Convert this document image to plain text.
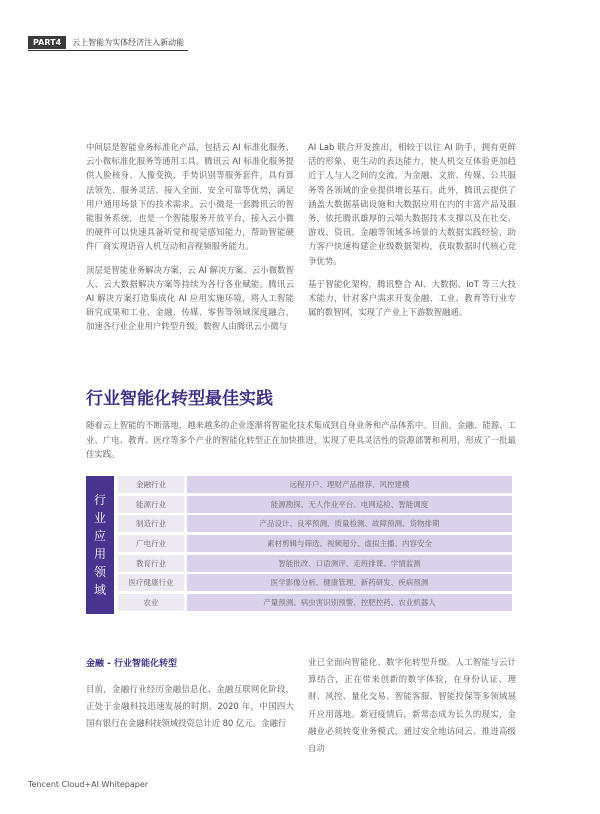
PART4	云上智能为实体经济注入新动能

中间层是智能业务标准化产品，包括云 AI 标准化服务、云小微标准化服务等通用工具。腾讯云 AI 标准化服务提供人脸核身、人像变换、手势识别等服务套件，具有算法领先、服务灵活、接入全面、安全可靠等优势，满足用户通用场景下的技术需求。云小微是一套腾讯云的智能服务系统，也是一个智能服务开放平台，接入云小微的硬件可以快速具备听觉和视觉感知能力，帮助智能硬件厂商实现语音人机互动和音视频服务能力。

顶层是智能业务解决方案，云 AI 解决方案、云小微数智人、云大数据解决方案等持续为各行各业赋能。腾讯云 AI 解决方案打造集成化 AI 应用实施环境，将人工智能研究成果和工业、金融、传媒、零售等领域深度融合，加速各行业企业用户转型升级。数智人由腾讯云小微与

AI Lab 联合开发推出，相较于以往 AI 助手，拥有更鲜活的形象、更生动的表达能力，使人机交互体验更加趋近于人与人之间的交流，为金融、文旅、传媒、公共服务等各领域的企业提供增长基石。此外，腾讯云提供了涵盖大数据基础设施和大数据应用在内的丰富产品及服务，依托腾讯雄厚的云端大数据技术支撑以及在社交、游戏、资讯、金融等领域多场景的大数据实践经验，助力客户快速构建企业级数据架构，获取数据时代核心竞争优势。

基于智能化架构，腾讯整合 AI、大数据、IoT 等三大技术能力，针对客户需求开发金融、工业、教育等行业专属的数智网，实现了产业上下游数智融通。

行业智能化转型最佳实践
随着云上智能的不断落地，越来越多的企业逐渐将智能化技术集成到自身业务和产品体系中。目前，金融、能源、工业、广电、教育、医疗等多个产业的智能化转型正在加快推进，实现了更具灵活性的资源部署和利用，形成了一批最佳实践。
行
业
应
用
领
域
金融行业	远程开户、理财产品推荐、风控建模
能源行业	能源勘探、无人作业平台、电网巡检、智能调度
制造行业	产品设计、良率预测、质量检测、故障预测、货物排期
广电行业	素材剪辑与筛选、视频超分、虚拟主播、内容安全
教育行业	智能批改、口语测评、走班排课、学情监测
医疗健康行业	医学影像分析、健康管理、新药研发、疾病预测
农业	产量预测、病虫害识别预警、控肥控药、农业机器人
金融 - 行业智能化转型

目前，金融行业经历金融信息化、金融互联网化阶段，正处于金融科技迅速发展的时期。2020 年，中国四大国有银行在金融科技领域投资总计近 80 亿元。金融行

业已全面向智能化、数字化转型升级。人工智能与云计算结合，正在带来创新的数字体验，在身份认证、理财、风控、量化交易、智能客服、智能投保等多领域展开应用落地。新冠疫情后，新常态成为长久的现实，金融业必须转变业务模式，通过安全地访问云、推进高级自动

Tencent Cloud+AI Whitepaper
